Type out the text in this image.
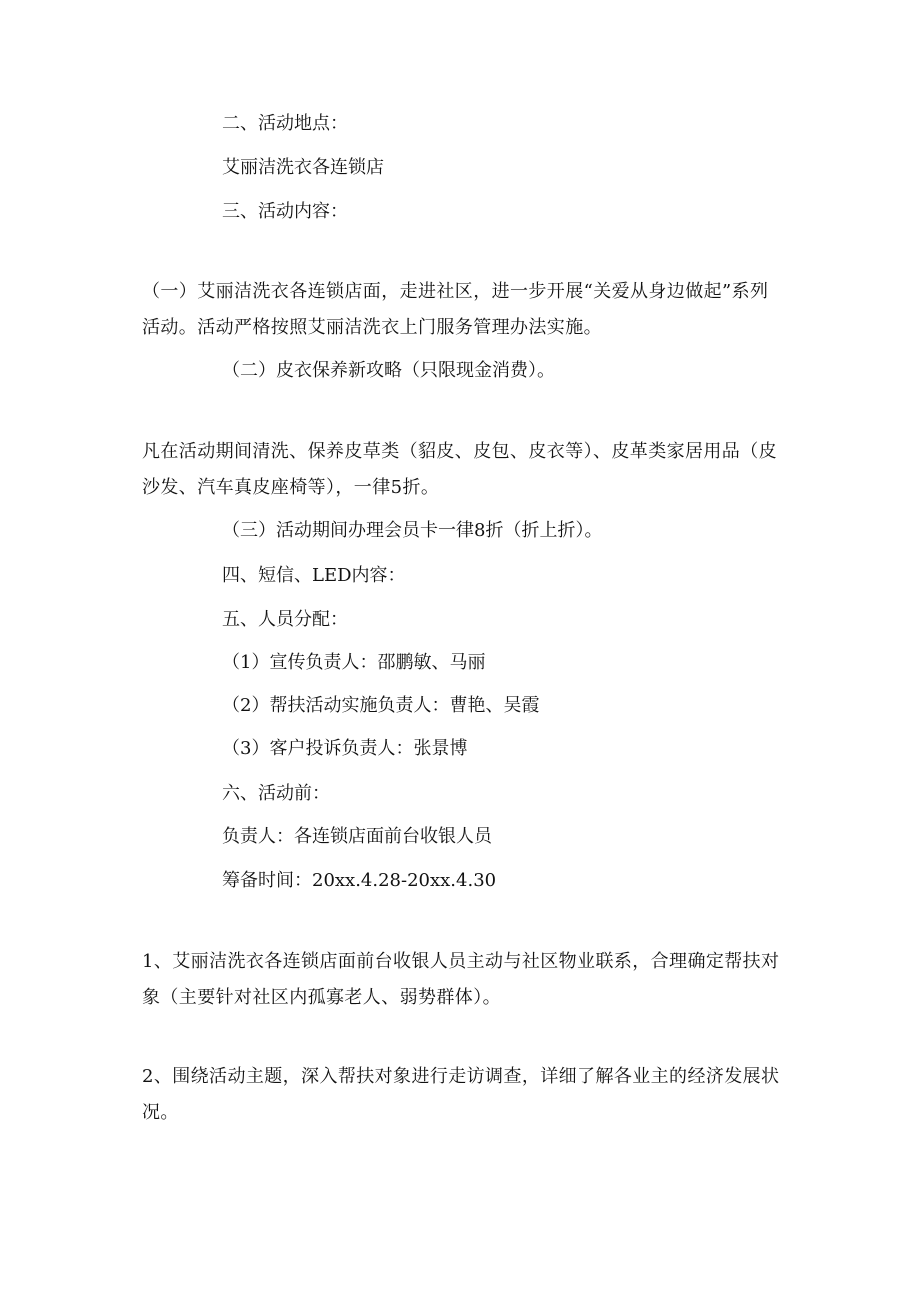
二、活动地点：
艾丽洁洗衣各连锁店
三、活动内容：
（一）艾丽洁洗衣各连锁店面，走进社区，进一步开展“关爱从身边做起”系列活动。活动严格按照艾丽洁洗衣上门服务管理办法实施。
（二）皮衣保养新攻略（只限现金消费）。
凡在活动期间清洗、保养皮草类（貂皮、皮包、皮衣等）、皮革类家居用品（皮沙发、汽车真皮座椅等），一律5折。
（三）活动期间办理会员卡一律8折（折上折）。
四、短信、LED内容：
五、人员分配：
（1）宣传负责人：邵鹏敏、马丽
（2）帮扶活动实施负责人：曹艳、吴霞
（3）客户投诉负责人：张景博
六、活动前：
负责人：各连锁店面前台收银人员
筹备时间：20xx.4.28-20xx.4.30
1、艾丽洁洗衣各连锁店面前台收银人员主动与社区物业联系，合理确定帮扶对象（主要针对社区内孤寡老人、弱势群体）。
2、围绕活动主题，深入帮扶对象进行走访调查，详细了解各业主的经济发展状况。
